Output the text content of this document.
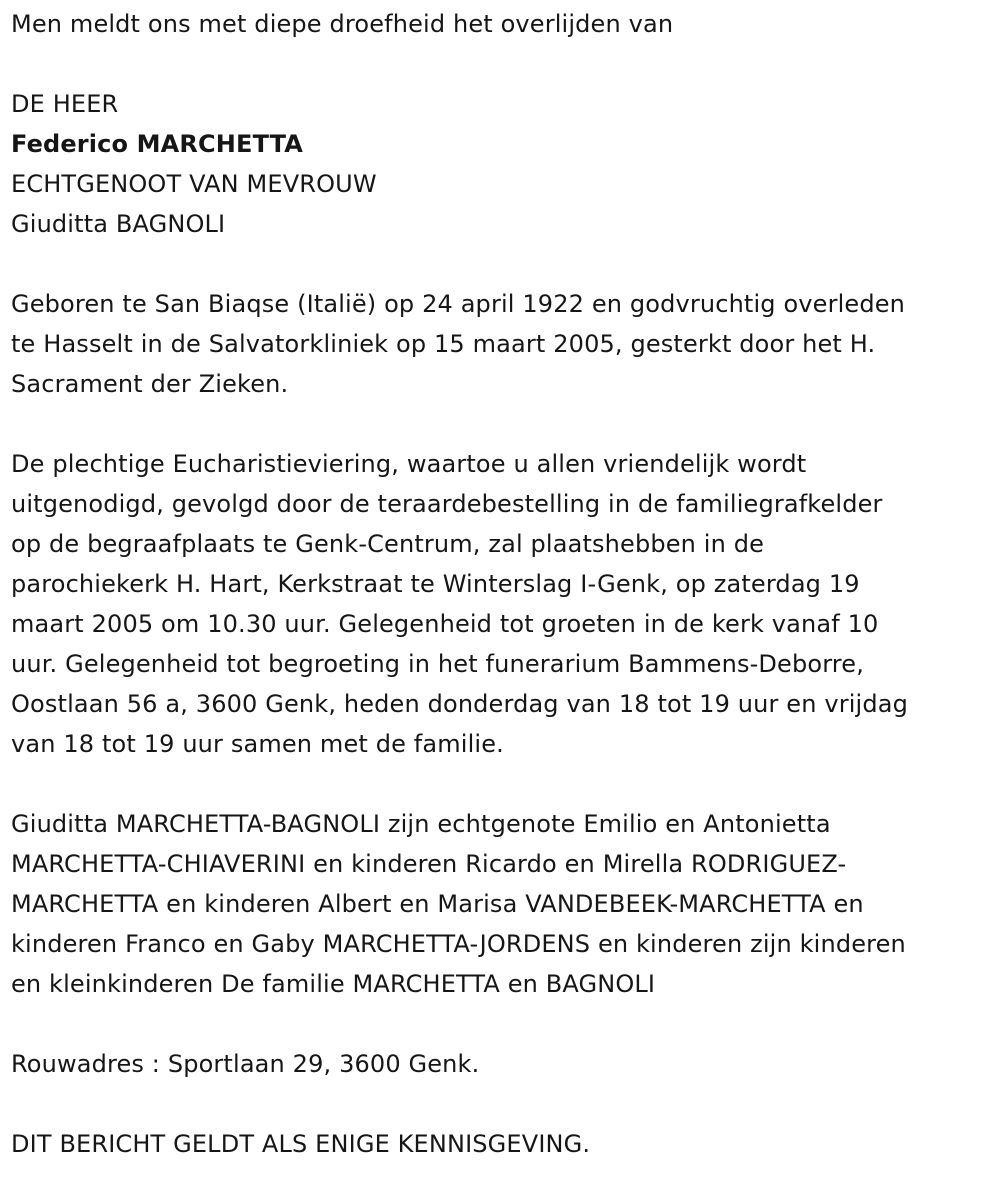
Men meldt ons met diepe droefheid het overlijden van
DE HEER
Federico MARCHETTA
ECHTGENOOT VAN MEVROUW
Giuditta BAGNOLI
Geboren te San Biaqse (Italië) op 24 april 1922 en godvruchtig overleden
te Hasselt in de Salvatorkliniek op 15 maart 2005, gesterkt door het H.
Sacrament der Zieken.
De plechtige Eucharistieviering, waartoe u allen vriendelijk wordt
uitgenodigd, gevolgd door de teraardebestelling in de familiegrafkelder
op de begraafplaats te Genk-Centrum, zal plaatshebben in de
parochiekerk H. Hart, Kerkstraat te Winterslag I-Genk, op zaterdag 19
maart 2005 om 10.30 uur. Gelegenheid tot groeten in de kerk vanaf 10
uur. Gelegenheid tot begroeting in het funerarium Bammens-Deborre,
Oostlaan 56 a, 3600 Genk, heden donderdag van 18 tot 19 uur en vrijdag
van 18 tot 19 uur samen met de familie.
Giuditta MARCHETTA-BAGNOLI zijn echtgenote Emilio en Antonietta
MARCHETTA-CHIAVERINI en kinderen Ricardo en Mirella RODRIGUEZ-
MARCHETTA en kinderen Albert en Marisa VANDEBEEK-MARCHETTA en
kinderen Franco en Gaby MARCHETTA-JORDENS en kinderen zijn kinderen
en kleinkinderen De familie MARCHETTA en BAGNOLI
Rouwadres : Sportlaan 29, 3600 Genk.
DIT BERICHT GELDT ALS ENIGE KENNISGEVING.
